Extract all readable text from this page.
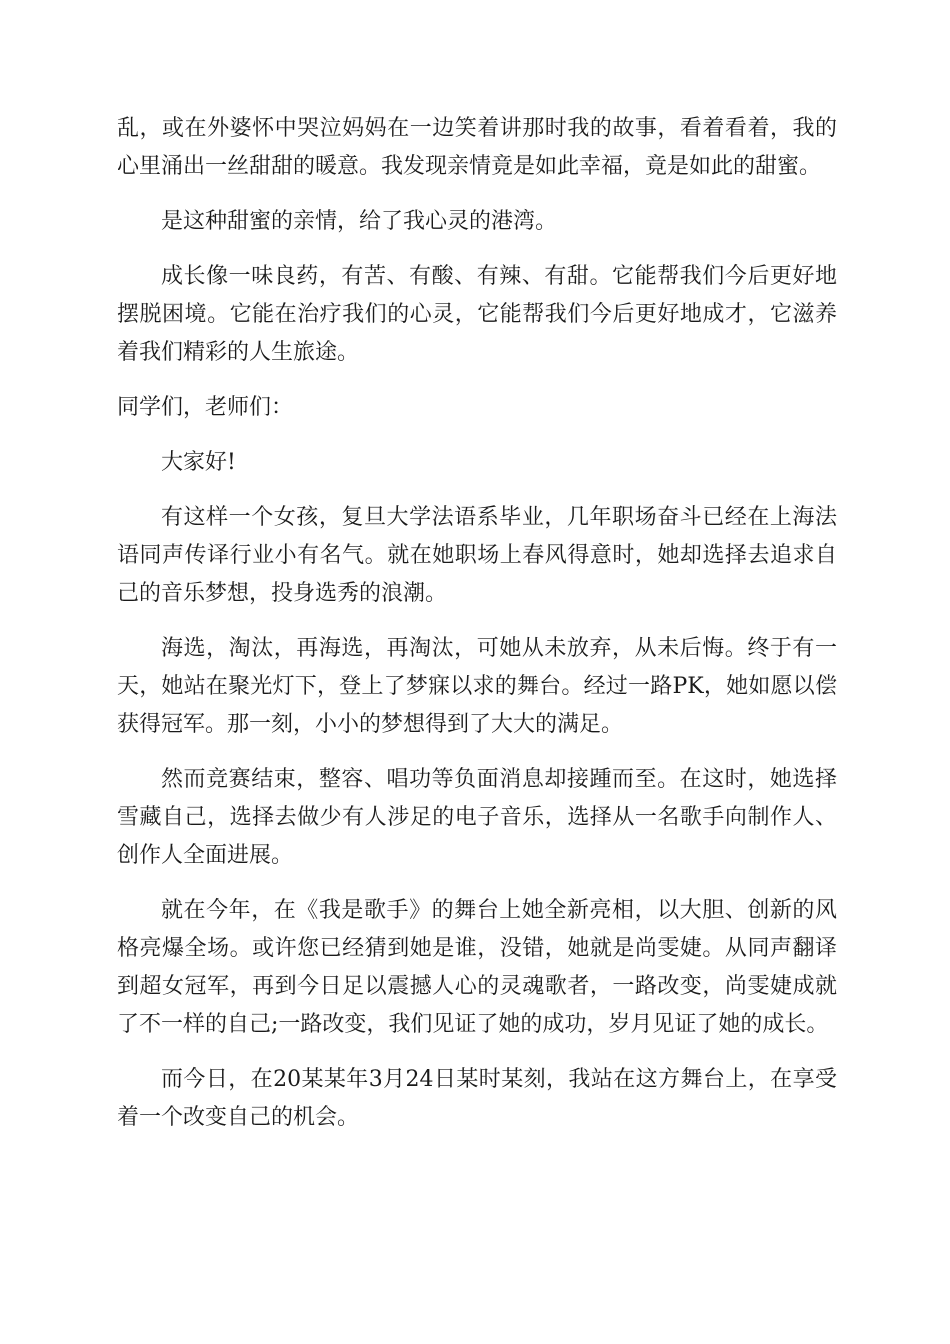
乱，或在外婆怀中哭泣妈妈在一边笑着讲那时我的故事，看着看着，我的心里涌出一丝甜甜的暖意。我发现亲情竟是如此幸福，竟是如此的甜蜜。

是这种甜蜜的亲情，给了我心灵的港湾。

成长像一味良药，有苦、有酸、有辣、有甜。它能帮我们今后更好地摆脱困境。它能在治疗我们的心灵，它能帮我们今后更好地成才，它滋养着我们精彩的人生旅途。

同学们，老师们：

大家好!

有这样一个女孩，复旦大学法语系毕业，几年职场奋斗已经在上海法语同声传译行业小有名气。就在她职场上春风得意时，她却选择去追求自己的音乐梦想，投身选秀的浪潮。

海选，淘汰，再海选，再淘汰，可她从未放弃，从未后悔。终于有一天，她站在聚光灯下，登上了梦寐以求的舞台。经过一路PK，她如愿以偿获得冠军。那一刻，小小的梦想得到了大大的满足。

然而竞赛结束，整容、唱功等负面消息却接踵而至。在这时，她选择雪藏自己，选择去做少有人涉足的电子音乐，选择从一名歌手向制作人、创作人全面进展。

就在今年，在《我是歌手》的舞台上她全新亮相，以大胆、创新的风格亮爆全场。或许您已经猜到她是谁，没错，她就是尚雯婕。从同声翻译到超女冠军，再到今日足以震撼人心的灵魂歌者，一路改变，尚雯婕成就了不一样的自己;一路改变，我们见证了她的成功，岁月见证了她的成长。

而今日，在20某某年3月24日某时某刻，我站在这方舞台上，在享受着一个改变自己的机会。
